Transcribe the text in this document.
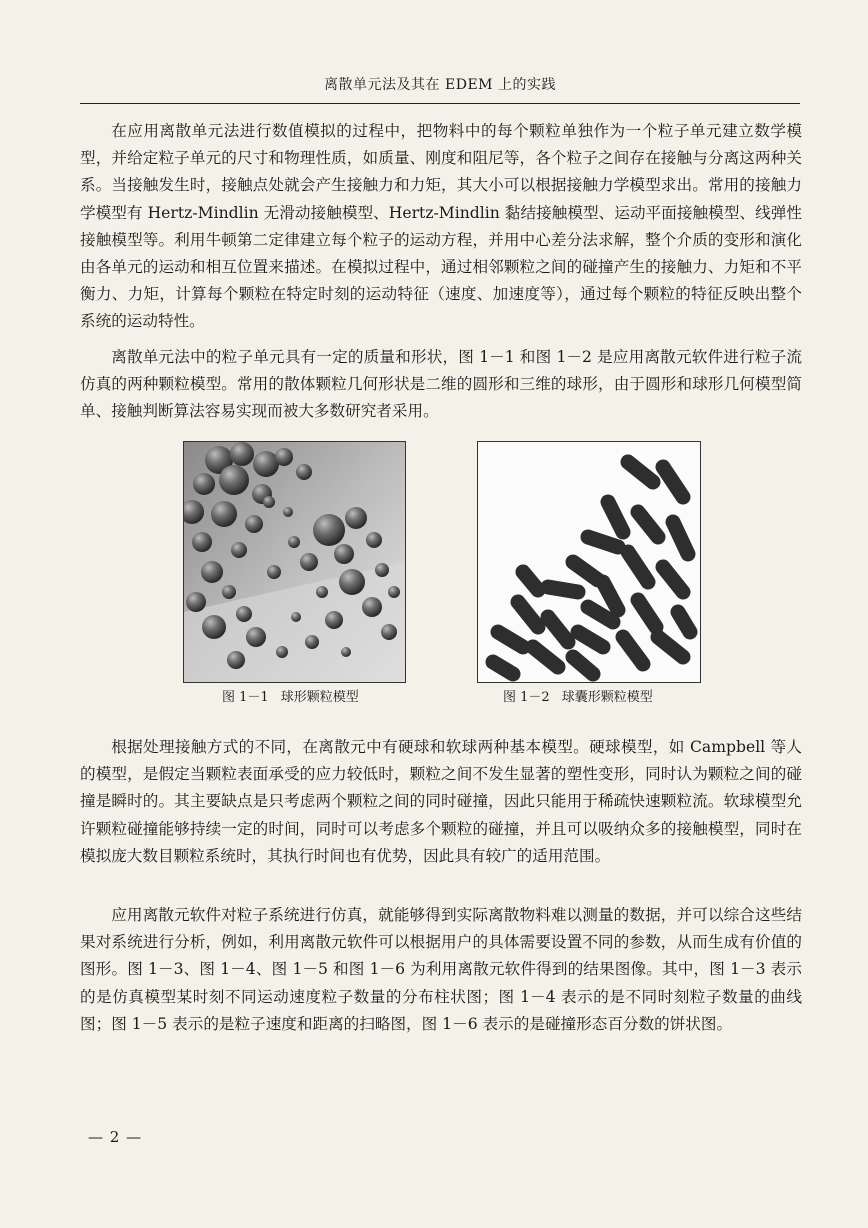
离散单元法及其在 EDEM 上的实践

在应用离散单元法进行数值模拟的过程中，把物料中的每个颗粒单独作为一个粒子单元建立数学模型，并给定粒子单元的尺寸和物理性质，如质量、刚度和阻尼等，各个粒子之间存在接触与分离这两种关系。当接触发生时，接触点处就会产生接触力和力矩，其大小可以根据接触力学模型求出。常用的接触力学模型有 Hertz-Mindlin 无滑动接触模型、Hertz-Mindlin 黏结接触模型、运动平面接触模型、线弹性接触模型等。利用牛顿第二定律建立每个粒子的运动方程，并用中心差分法求解，整个介质的变形和演化由各单元的运动和相互位置来描述。在模拟过程中，通过相邻颗粒之间的碰撞产生的接触力、力矩和不平衡力、力矩，计算每个颗粒在特定时刻的运动特征（速度、加速度等），通过每个颗粒的特征反映出整个系统的运动特性。

离散单元法中的粒子单元具有一定的质量和形状，图 1－1 和图 1－2 是应用离散元软件进行粒子流仿真的两种颗粒模型。常用的散体颗粒几何形状是二维的圆形和三维的球形，由于圆形和球形几何模型简单、接触判断算法容易实现而被大多数研究者采用。

图 1－1 球形颗粒模型	图 1－2 球囊形颗粒模型

根据处理接触方式的不同，在离散元中有硬球和软球两种基本模型。硬球模型，如 Campbell 等人的模型，是假定当颗粒表面承受的应力较低时，颗粒之间不发生显著的塑性变形，同时认为颗粒之间的碰撞是瞬时的。其主要缺点是只考虑两个颗粒之间的同时碰撞，因此只能用于稀疏快速颗粒流。软球模型允许颗粒碰撞能够持续一定的时间，同时可以考虑多个颗粒的碰撞，并且可以吸纳众多的接触模型，同时在模拟庞大数目颗粒系统时，其执行时间也有优势，因此具有较广的适用范围。

应用离散元软件对粒子系统进行仿真，就能够得到实际离散物料难以测量的数据，并可以综合这些结果对系统进行分析，例如，利用离散元软件可以根据用户的具体需要设置不同的参数，从而生成有价值的图形。图 1－3、图 1－4、图 1－5 和图 1－6 为利用离散元软件得到的结果图像。其中，图 1－3 表示的是仿真模型某时刻不同运动速度粒子数量的分布柱状图；图 1－4 表示的是不同时刻粒子数量的曲线图；图 1－5 表示的是粒子速度和距离的扫略图，图 1－6 表示的是碰撞形态百分数的饼状图。

— 2 —
